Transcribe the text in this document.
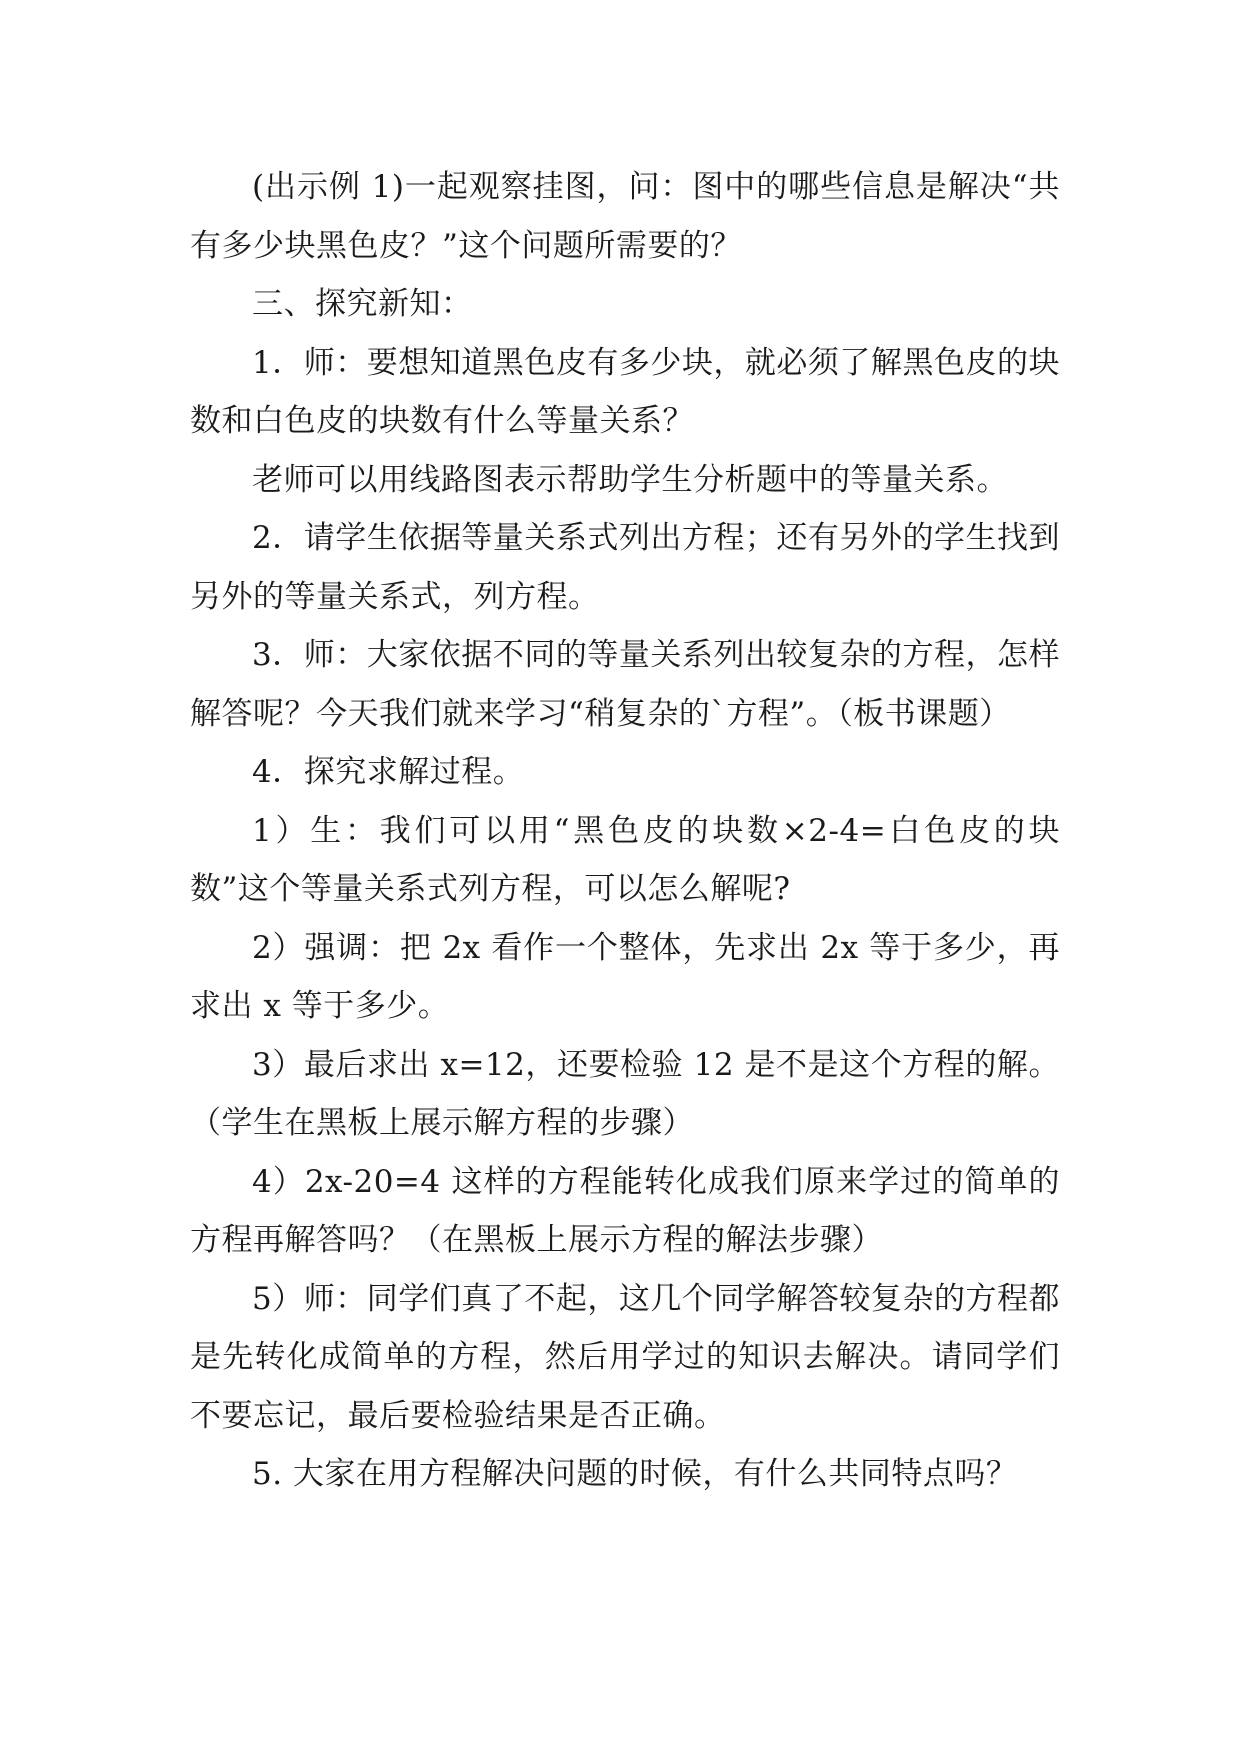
(出示例 1)一起观察挂图，问：图中的哪些信息是解决“共有多少块黑色皮？”这个问题所需要的？

三、探究新知：

1．师：要想知道黑色皮有多少块，就必须了解黑色皮的块数和白色皮的块数有什么等量关系？

老师可以用线路图表示帮助学生分析题中的等量关系。

2．请学生依据等量关系式列出方程；还有另外的学生找到另外的等量关系式，列方程。

3．师：大家依据不同的等量关系列出较复杂的方程，怎样解答呢？今天我们就来学习“稍复杂的`方程”。（板书课题）

4．探究求解过程。

1）生：我们可以用“黑色皮的块数×2-4=白色皮的块数”这个等量关系式列方程，可以怎么解呢?

2）强调：把 2x 看作一个整体，先求出 2x 等于多少，再求出 x 等于多少。

3）最后求出 x=12，还要检验 12 是不是这个方程的解。（学生在黑板上展示解方程的步骤）

4）2x-20=4 这样的方程能转化成我们原来学过的简单的方程再解答吗？（在黑板上展示方程的解法步骤）

5）师：同学们真了不起，这几个同学解答较复杂的方程都是先转化成简单的方程，然后用学过的知识去解决。请同学们不要忘记，最后要检验结果是否正确。

5. 大家在用方程解决问题的时候，有什么共同特点吗？
